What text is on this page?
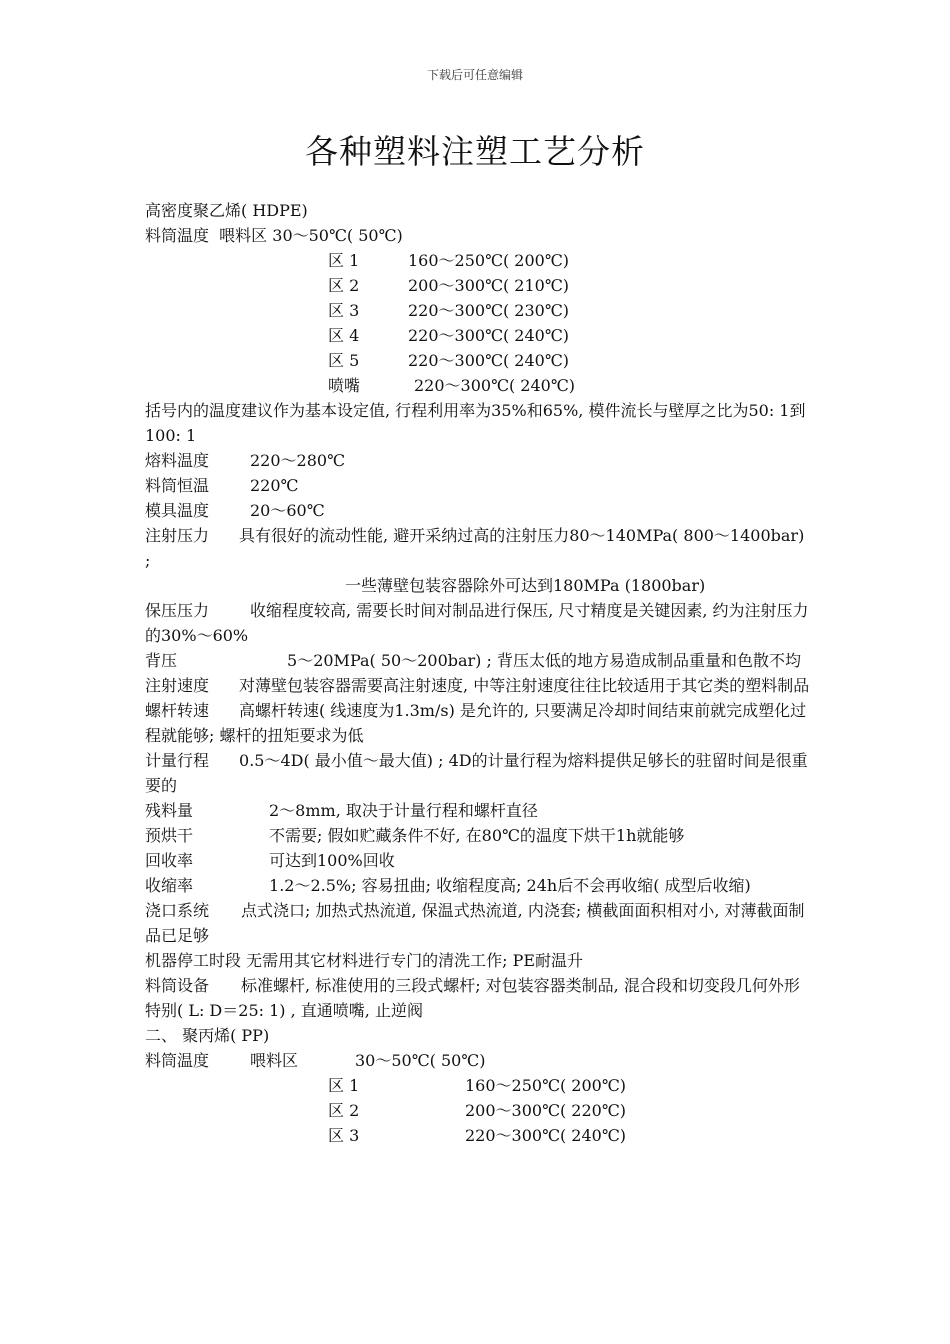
下载后可任意编辑
各种塑料注塑工艺分析
高密度聚乙烯( HDPE)
料筒温度  喂料区 30～50℃( 50℃)
区 1	160～250℃( 200℃)
区 2	200～300℃( 210℃)
区 3	220～300℃( 230℃)
区 4	220～300℃( 240℃)
区 5	220～300℃( 240℃)
喷嘴	220～300℃( 240℃)
括号内的温度建议作为基本设定值, 行程利用率为35%和65%, 模件流长与壁厚之比为50: 1到100: 1
熔料温度	220～280℃
料筒恒温	220℃
模具温度	20～60℃
注射压力 具有很好的流动性能, 避开采纳过高的注射压力80～140MPa( 800～1400bar) ;
一些薄壁包装容器除外可达到180MPa (1800bar)
保压压力	收缩程度较高, 需要长时间对制品进行保压, 尺寸精度是关键因素, 约为注射压力的30%～60%
背压	5～20MPa( 50～200bar) ; 背压太低的地方易造成制品重量和色散不均
注射速度 对薄壁包装容器需要高注射速度, 中等注射速度往往比较适用于其它类的塑料制品
螺杆转速 高螺杆转速( 线速度为1.3m/s) 是允许的, 只要满足冷却时间结束前就完成塑化过程就能够; 螺杆的扭矩要求为低
计量行程 0.5～4D( 最小值～最大值) ; 4D的计量行程为熔料提供足够长的驻留时间是很重要的
残料量	2～8mm, 取决于计量行程和螺杆直径
预烘干	不需要; 假如贮藏条件不好, 在80℃的温度下烘干1h就能够
回收率	可达到100%回收
收缩率	1.2～2.5%; 容易扭曲; 收缩程度高; 24h后不会再收缩( 成型后收缩)
浇口系统 点式浇口; 加热式热流道, 保温式热流道, 内浇套; 横截面面积相对小, 对薄截面制品已足够
机器停工时段 无需用其它材料进行专门的清洗工作; PE耐温升
料筒设备 标准螺杆, 标准使用的三段式螺杆; 对包装容器类制品, 混合段和切变段几何外形特别( L: D＝25: 1) , 直通喷嘴, 止逆阀
二、 聚丙烯( PP)
料筒温度	喂料区	30～50℃( 50℃)
区 1	160～250℃( 200℃)
区 2	200～300℃( 220℃)
区 3	220～300℃( 240℃)
